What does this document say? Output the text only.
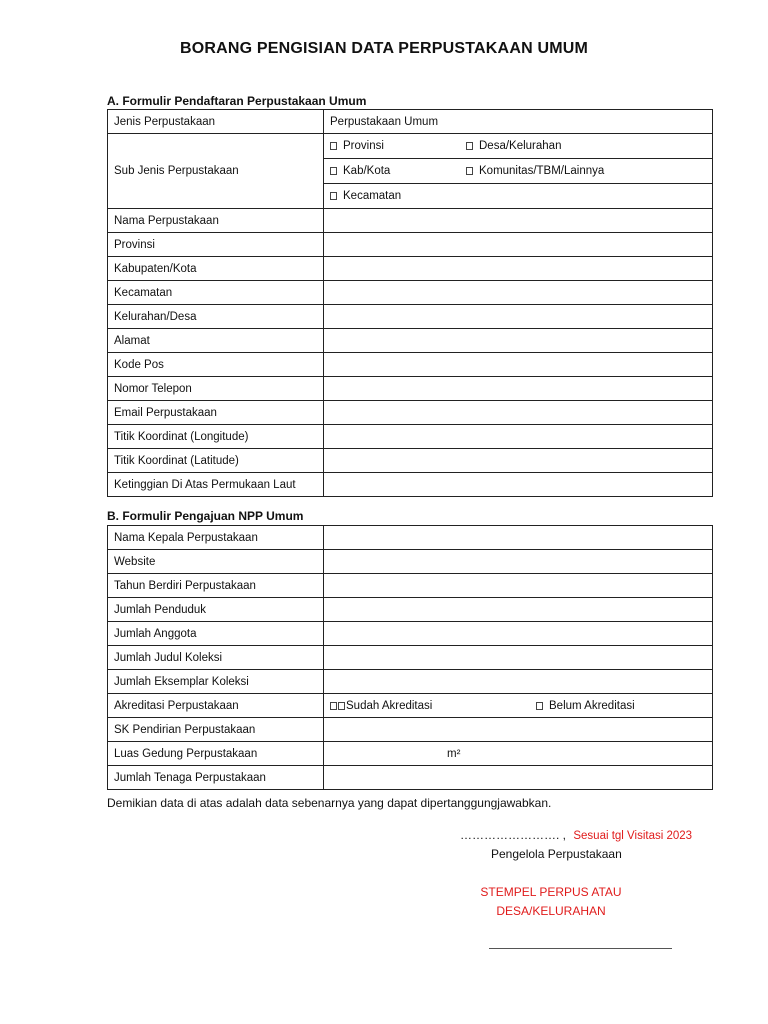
BORANG PENGISIAN DATA PERPUSTAKAAN UMUM
A. Formulir Pendaftaran Perpustakaan Umum
Jenis Perpustakaan	Perpustakaan Umum
Sub Jenis Perpustakaan	Provinsi Desa/Kelurahan
Kab/Kota Komunitas/TBM/Lainnya
Kecamatan

Nama Perpustakaan	
Provinsi	
Kabupaten/Kota	
Kecamatan	
Kelurahan/Desa	
Alamat	
Kode Pos	
Nomor Telepon	
Email Perpustakaan	
Titik Koordinat (Longitude)	
Titik Koordinat (Latitude)	
Ketinggian Di Atas Permukaan Laut	
B. Formulir Pengajuan NPP Umum
Nama Kepala Perpustakaan	
Website	
Tahun Berdiri Perpustakaan	
Jumlah Penduduk	
Jumlah Anggota	
Jumlah Judul Koleksi	
Jumlah Eksemplar Koleksi	
Akreditasi Perpustakaan	Sudah Akreditasi Belum Akreditasi

SK Pendirian Perpustakaan	
Luas Gedung Perpustakaan	m²
Jumlah Tenaga Perpustakaan	
Demikian data di atas adalah data sebenarnya yang dapat dipertanggungjawabkan.
……………………. , Sesuai tgl Visitasi 2023
Pengelola Perpustakaan
STEMPEL PERPUS ATAU
DESA/KELURAHAN
